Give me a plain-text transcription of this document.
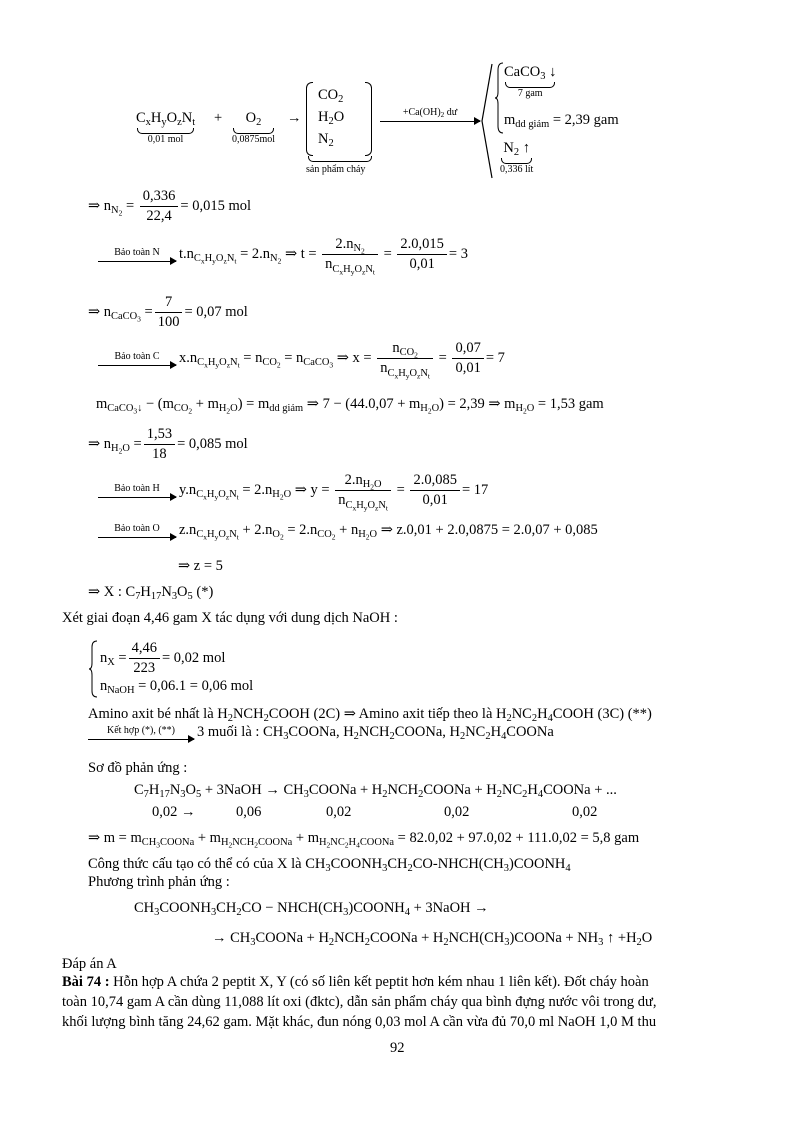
$C_xH_yO_zN_t$
0,01 mol
+	$O_2$
0,0875mol
→
$CO_2$
$H_2O$
$N_2$
sản phẩm cháy
$+Ca(OH)_2$ dư
CaCO$_3$ ↓
7 gam
$m_{dd giảm} = 2,39$ gam
$N_2$ ↑
0,336 lít
⇒ $n_{N_2} = \frac{0,336}{22,4} = 0,015$ mol
Bảo toàn N	$t.n_{C_xH_yO_zN_t} = 2.n_{N_2}$ ⇒ $t = \frac{2.n_{N_2}}{n_{C_xH_yO_zN_t}} = \frac{2.0,015}{0,01} = 3$
⇒ $n_{CaCO_3} = \frac{7}{100} = 0,07$ mol
Bảo toàn C	$x.n_{C_xH_yO_zN_t} = n_{CO_2} = n_{CaCO_3}$ ⇒ $x = \frac{n_{CO_2}}{n_{C_xH_yO_zN_t}} = \frac{0,07}{0,01} = 7$
$m_{CaCO_3↓} - (m_{CO_2} + m_{H_2O}) = m_{dd giảm}$ ⇒ $7 - (44.0,07 + m_{H_2O}) = 2,39$ ⇒ $m_{H_2O} = 1,53$ gam
⇒ $n_{H_2O} = \frac{1,53}{18} = 0,085$ mol
Bảo toàn H	$y.n_{C_xH_yO_zN_t} = 2.n_{H_2O}$ ⇒ $y = \frac{2.n_{H_2O}}{n_{C_xH_yO_zN_t}} = \frac{2.0,085}{0,01} = 17$
Bảo toàn O	$z.n_{C_xH_yO_zN_t} + 2.n_{O_2} = 2.n_{CO_2} + n_{H_2O}$ ⇒ z.0,01 + 2.0,0875 = 2.0,07 + 0,085
⇒ z = 5
⇒ X : $C_7H_{17}N_3O_5$ (*)
Xét giai đoạn 4,46 gam X tác dụng với dung dịch NaOH :
$n_X = \frac{4,46}{223} = 0,02$ mol
$n_{NaOH} = 0,06.1 = 0,06$ mol
Amino axit bé nhất là $H_2NCH_2COOH$ (2C) ⇒ Amino axit tiếp theo là $H_2NC_2H_4COOH$ (3C) (**)
Kết hợp (*), (**)	3 muối là : $CH_3COONa$, $H_2NCH_2COONa$, $H_2NC_2H_4COONa$
Sơ đồ phản ứng :
$C_7H_{17}N_3O_5$ + 3NaOH → $CH_3COONa$ + $H_2NCH_2COONa$ + $H_2NC_2H_4COONa$ + ...
0,02 →	0,06	0,02	0,02	0,02
⇒ $m = m_{CH_3COONa} + m_{H_2NCH_2COONa} + m_{H_2NC_2H_4COONa} = 82.0,02 + 97.0,02 + 111.0,02 = 5,8$ gam
Công thức cấu tạo có thể có của X là $CH_3COONH_3CH_2CO-NHCH(CH_3)COONH_4$
Phương trình phản ứng :
$CH_3COONH_3CH_2CO$ − $NHCH(CH_3)COONH_4$ + 3NaOH →
→ $CH_3COONa$ + $H_2NCH_2COONa$ + $H_2NCH(CH_3)COONa + NH_3$ ↑ $+H_2O$
Đáp án A
Bài 74 : Hỗn hợp A chứa 2 peptit X, Y (có số liên kết peptit hơn kém nhau 1 liên kết). Đốt cháy hoàn
toàn 10,74 gam A cần dùng 11,088 lít oxi (đktc), dẫn sản phẩm cháy qua bình đựng nước vôi trong dư,
khối lượng bình tăng 24,62 gam. Mặt khác, đun nóng 0,03 mol A cần vừa đủ 70,0 ml NaOH 1,0 M thu
92
